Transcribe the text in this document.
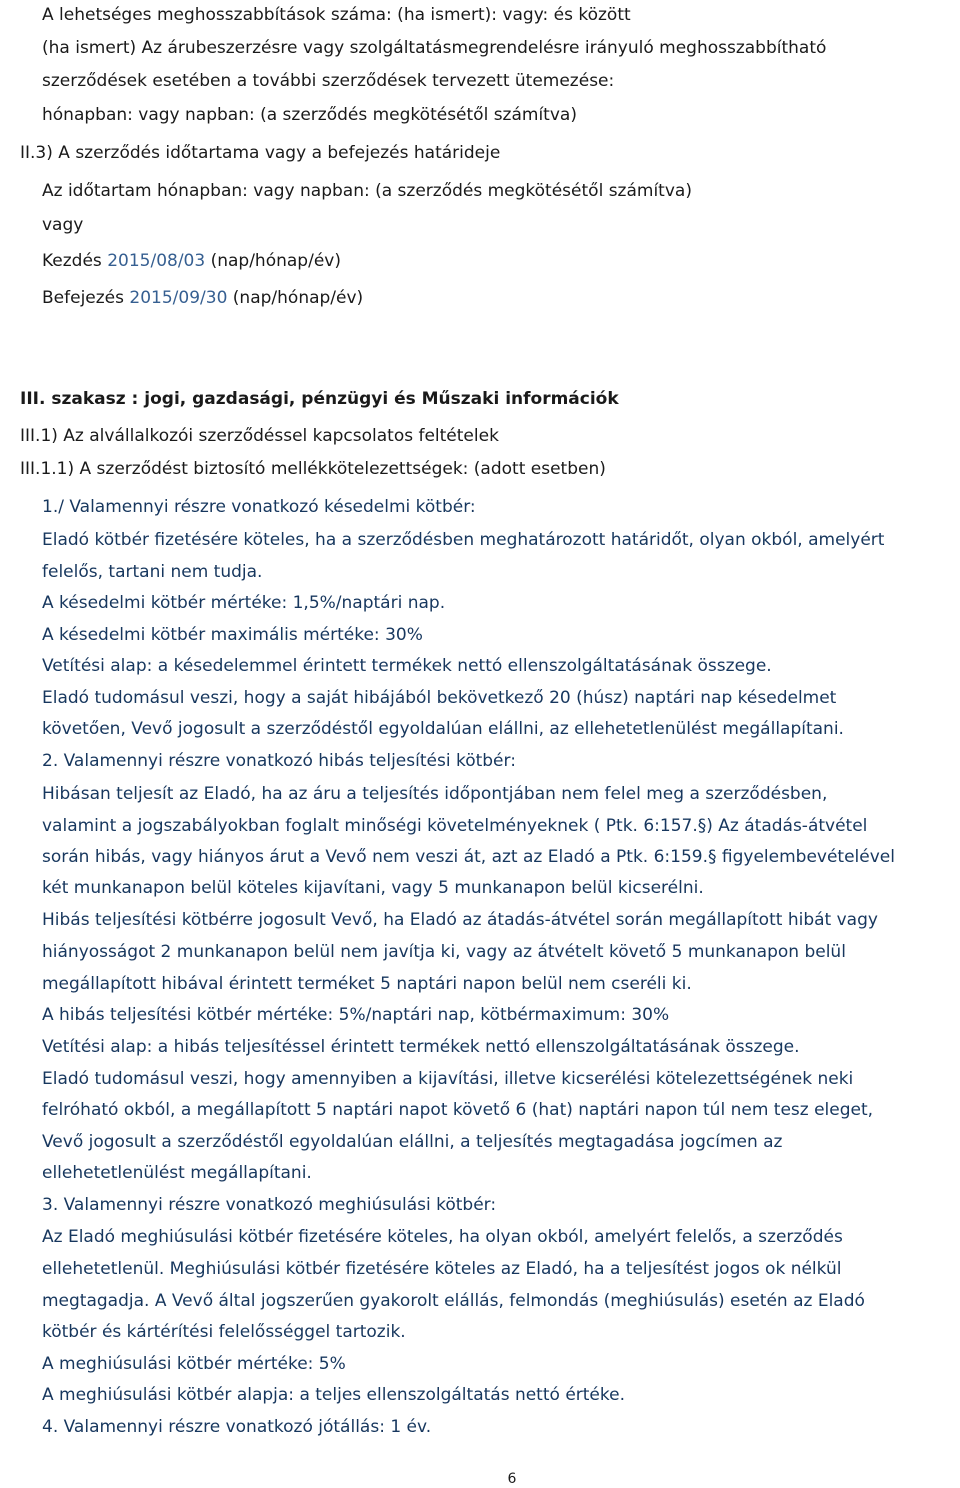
A lehetséges meghosszabbítások száma: (ha ismert): vagy: és között

(ha ismert) Az árubeszerzésre vagy szolgáltatásmegrendelésre irányuló meghosszabbítható

szerződések esetében a további szerződések tervezett ütemezése:

hónapban: vagy napban: (a szerződés megkötésétől számítva)

II.3) A szerződés időtartama vagy a befejezés határideje

Az időtartam hónapban: vagy napban: (a szerződés megkötésétől számítva)

vagy

Kezdés 2015/08/03 (nap/hónap/év)

Befejezés 2015/09/30 (nap/hónap/év)

III. szakasz : jogi, gazdasági, pénzügyi és Műszaki információk

III.1) Az alvállalkozói szerződéssel kapcsolatos feltételek

III.1.1) A szerződést biztosító mellékkötelezettségek: (adott esetben)

1./ Valamennyi részre vonatkozó késedelmi kötbér:

Eladó kötbér fizetésére köteles, ha a szerződésben meghatározott határidőt, olyan okból, amelyért

felelős, tartani nem tudja.

A késedelmi kötbér mértéke: 1,5%/naptári nap.

A késedelmi kötbér maximális mértéke: 30%

Vetítési alap: a késedelemmel érintett termékek nettó ellenszolgáltatásának összege.

Eladó tudomásul veszi, hogy a saját hibájából bekövetkező 20 (húsz) naptári nap késedelmet

követően, Vevő jogosult a szerződéstől egyoldalúan elállni, az ellehetetlenülést megállapítani.

2. Valamennyi részre vonatkozó hibás teljesítési kötbér:

Hibásan teljesít az Eladó, ha az áru a teljesítés időpontjában nem felel meg a szerződésben,

valamint a jogszabályokban foglalt minőségi követelményeknek ( Ptk. 6:157.§) Az átadás-átvétel

során hibás, vagy hiányos árut a Vevő nem veszi át, azt az Eladó a Ptk. 6:159.§ figyelembevételével

két munkanapon belül köteles kijavítani, vagy 5 munkanapon belül kicserélni.

Hibás teljesítési kötbérre jogosult Vevő, ha Eladó az átadás-átvétel során megállapított hibát vagy

hiányosságot 2 munkanapon belül nem javítja ki, vagy az átvételt követő 5 munkanapon belül

megállapított hibával érintett terméket 5 naptári napon belül nem cseréli ki.

A hibás teljesítési kötbér mértéke: 5%/naptári nap, kötbérmaximum: 30%

Vetítési alap: a hibás teljesítéssel érintett termékek nettó ellenszolgáltatásának összege.

Eladó tudomásul veszi, hogy amennyiben a kijavítási, illetve kicserélési kötelezettségének neki

felróható okból, a megállapított 5 naptári napot követő 6 (hat) naptári napon túl nem tesz eleget,

Vevő jogosult a szerződéstől egyoldalúan elállni, a teljesítés megtagadása jogcímen az

ellehetetlenülést megállapítani.

3. Valamennyi részre vonatkozó meghiúsulási kötbér:

Az Eladó meghiúsulási kötbér fizetésére köteles, ha olyan okból, amelyért felelős, a szerződés

ellehetetlenül. Meghiúsulási kötbér fizetésére köteles az Eladó, ha a teljesítést jogos ok nélkül

megtagadja. A Vevő által jogszerűen gyakorolt elállás, felmondás (meghiúsulás) esetén az Eladó

kötbér és kártérítési felelősséggel tartozik.

A meghiúsulási kötbér mértéke: 5%

A meghiúsulási kötbér alapja: a teljes ellenszolgáltatás nettó értéke.

4. Valamennyi részre vonatkozó jótállás: 1 év.

6
